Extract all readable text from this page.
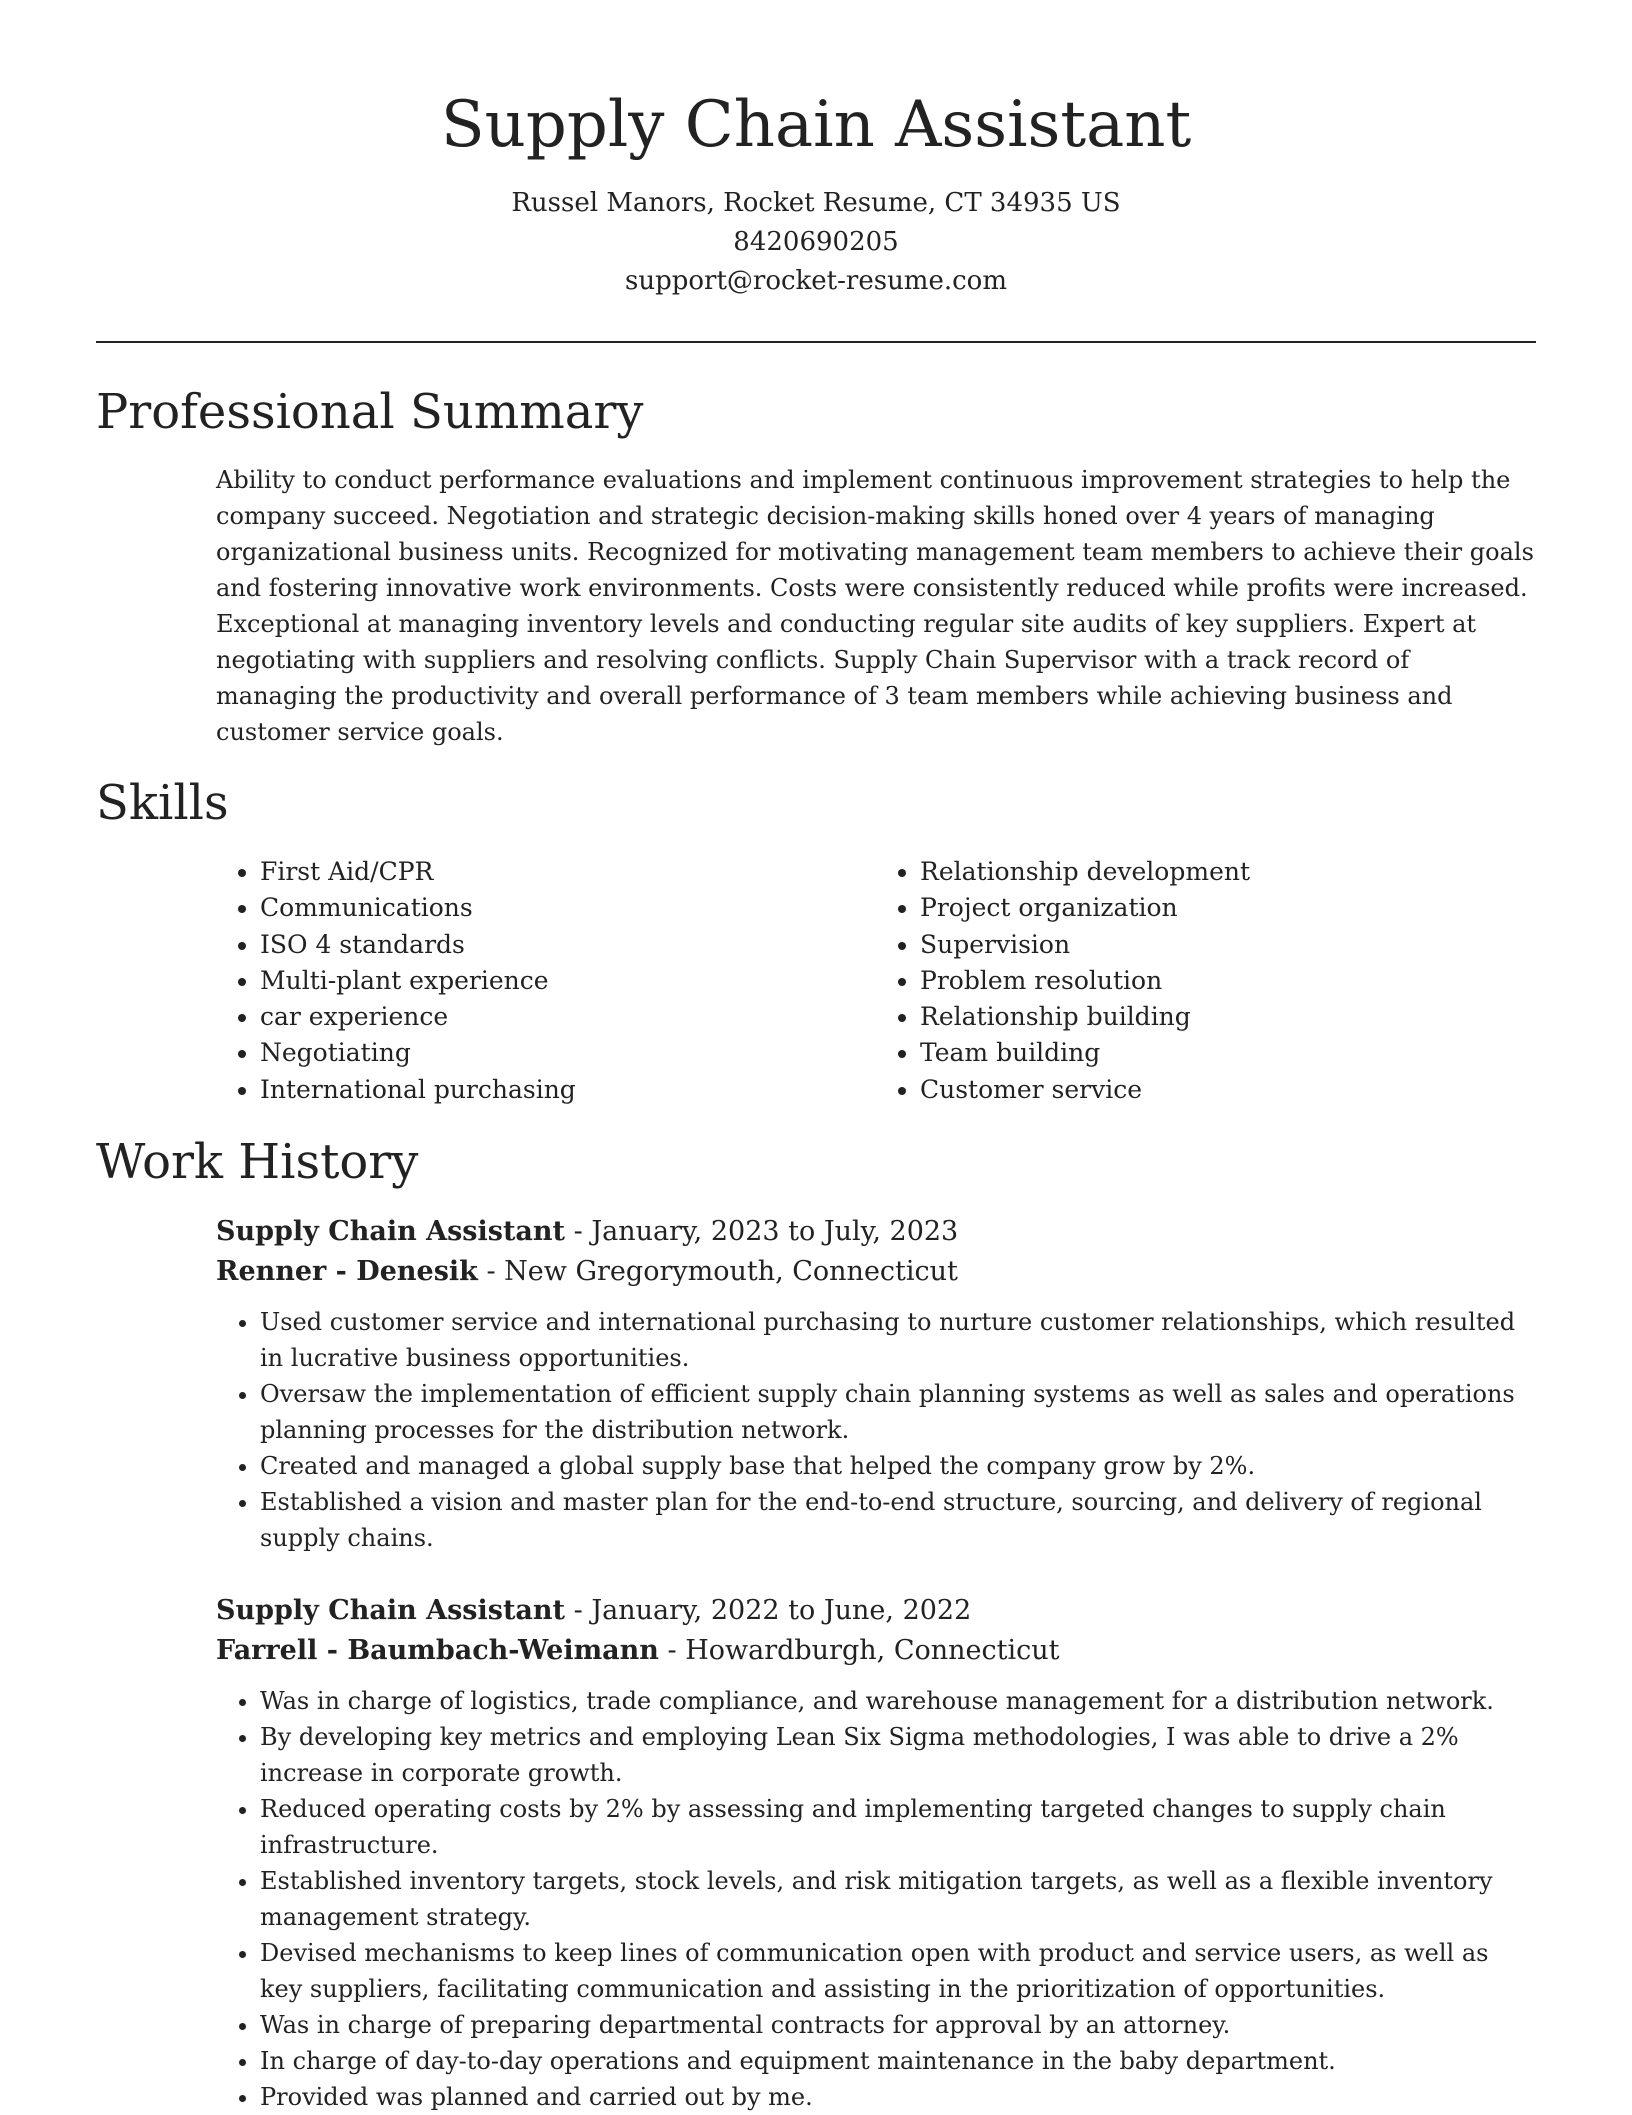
Supply Chain Assistant
Russel Manors, Rocket Resume, CT 34935 US
8420690205
support@rocket-resume.com
Professional Summary

Ability to conduct performance evaluations and implement continuous improvement strategies to help the company succeed. Negotiation and strategic decision-making skills honed over 4 years of managing organizational business units. Recognized for motivating management team members to achieve their goals and fostering innovative work environments. Costs were consistently reduced while profits were increased. Exceptional at managing inventory levels and conducting regular site audits of key suppliers. Expert at negotiating with suppliers and resolving conflicts. Supply Chain Supervisor with a track record of managing the productivity and overall performance of 3 team members while achieving business and customer service goals.

Skills
• First Aid/CPR
• Communications
• ISO 4 standards
• Multi-plant experience
• car experience
• Negotiating
• International purchasing
• Relationship development
• Project organization
• Supervision
• Problem resolution
• Relationship building
• Team building
• Customer service
Work History
Supply Chain Assistant - January, 2023 to July, 2023
Renner - Denesik - New Gregorymouth, Connecticut
• Used customer service and international purchasing to nurture customer relationships, which resulted in lucrative business opportunities.
• Oversaw the implementation of efficient supply chain planning systems as well as sales and operations planning processes for the distribution network.
• Created and managed a global supply base that helped the company grow by 2%.
• Established a vision and master plan for the end-to-end structure, sourcing, and delivery of regional supply chains.
Supply Chain Assistant - January, 2022 to June, 2022
Farrell - Baumbach-Weimann - Howardburgh, Connecticut
• Was in charge of logistics, trade compliance, and warehouse management for a distribution network.
• By developing key metrics and employing Lean Six Sigma methodologies, I was able to drive a 2% increase in corporate growth.
• Reduced operating costs by 2% by assessing and implementing targeted changes to supply chain infrastructure.
• Established inventory targets, stock levels, and risk mitigation targets, as well as a flexible inventory management strategy.
• Devised mechanisms to keep lines of communication open with product and service users, as well as key suppliers, facilitating communication and assisting in the prioritization of opportunities.
• Was in charge of preparing departmental contracts for approval by an attorney.
• In charge of day-to-day operations and equipment maintenance in the baby department.
• Provided was planned and carried out by me.
